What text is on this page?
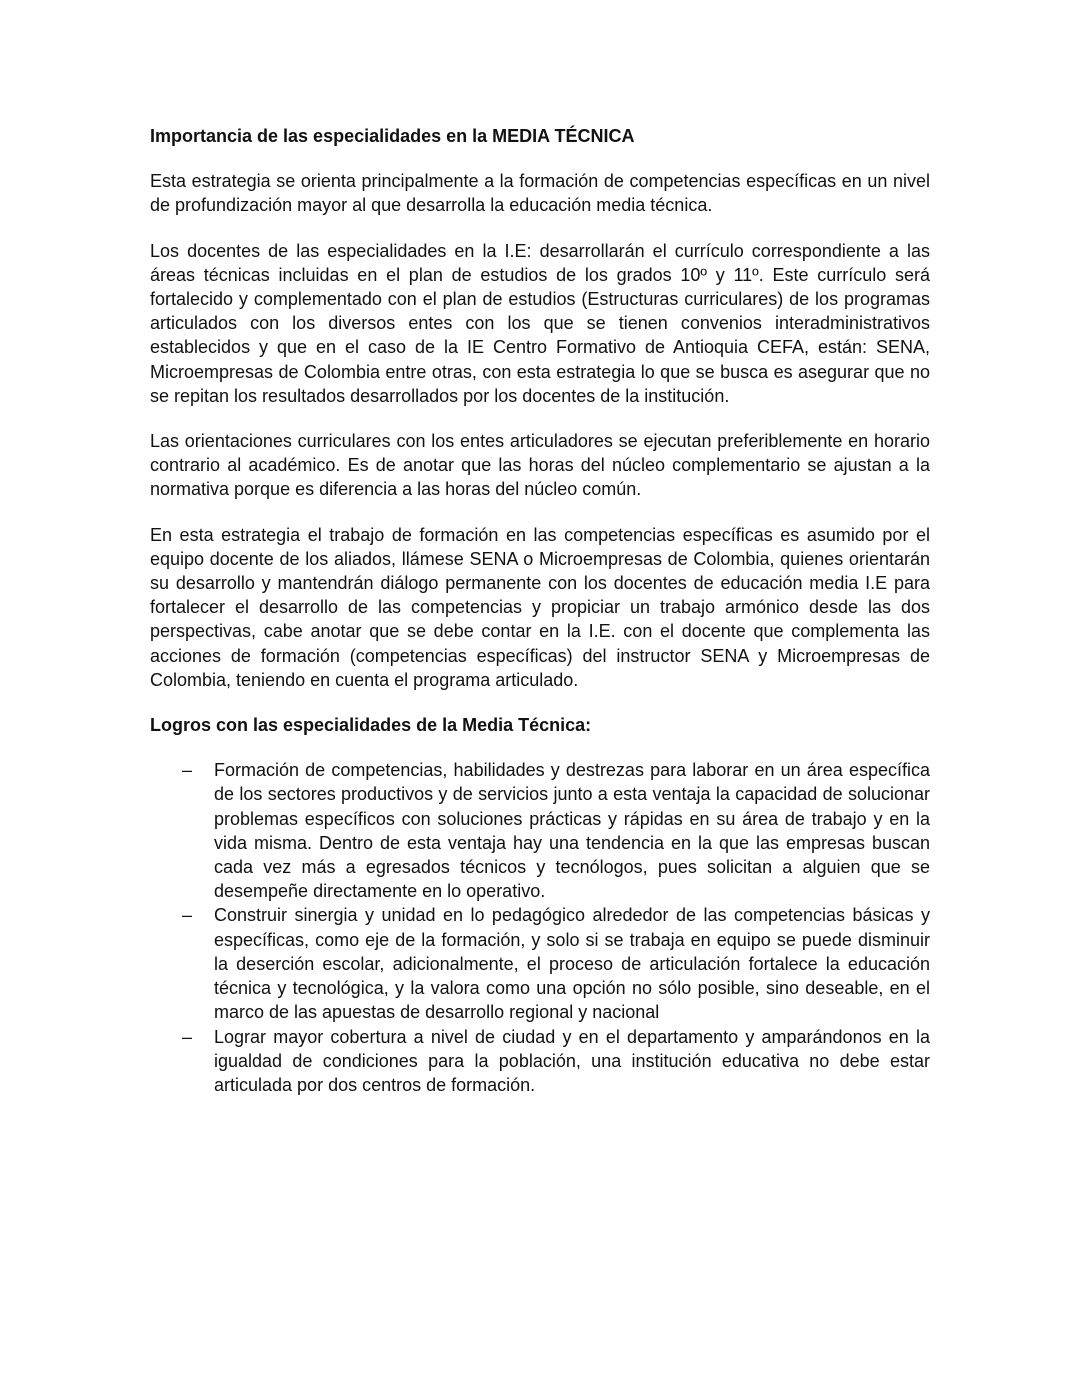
Importancia de las especialidades en la MEDIA TÉCNICA

Esta estrategia se orienta principalmente a la formación de competencias específicas en un nivel de profundización mayor al que desarrolla la educación media técnica.

Los docentes de las especialidades en la I.E: desarrollarán el currículo correspondiente a las áreas técnicas incluidas en el plan de estudios de los grados 10º y 11º. Este currículo será fortalecido y complementado con el plan de estudios (Estructuras curriculares) de los programas articulados con los diversos entes con los que se tienen convenios interadministrativos establecidos y que en el caso de la IE Centro Formativo de Antioquia CEFA, están: SENA, Microempresas de Colombia entre otras, con esta estrategia lo que se busca es asegurar que no se repitan los resultados desarrollados por los docentes de la institución.

Las orientaciones curriculares con los entes articuladores se ejecutan preferiblemente en horario contrario al académico. Es de anotar que las horas del núcleo complementario se ajustan a la normativa porque es diferencia a las horas del núcleo común.

En esta estrategia el trabajo de formación en las competencias específicas es asumido por el equipo docente de los aliados, llámese SENA o Microempresas de Colombia, quienes orientarán su desarrollo y mantendrán diálogo permanente con los docentes de educación media I.E para fortalecer el desarrollo de las competencias y propiciar un trabajo armónico desde las dos perspectivas, cabe anotar que se debe contar en la I.E. con el docente que complementa las acciones de formación (competencias específicas) del instructor SENA y Microempresas de Colombia, teniendo en cuenta el programa articulado.

Logros con las especialidades de la Media Técnica:
– Formación de competencias, habilidades y destrezas para laborar en un área específica de los sectores productivos y de servicios junto a esta ventaja la capacidad de solucionar problemas específicos con soluciones prácticas y rápidas en su área de trabajo y en la vida misma. Dentro de esta ventaja hay una tendencia en la que las empresas buscan cada vez más a egresados técnicos y tecnólogos, pues solicitan a alguien que se desempeñe directamente en lo operativo.
– Construir sinergia y unidad en lo pedagógico alrededor de las competencias básicas y específicas, como eje de la formación, y solo si se trabaja en equipo se puede disminuir la deserción escolar, adicionalmente, el proceso de articulación fortalece la educación técnica y tecnológica, y la valora como una opción no sólo posible, sino deseable, en el marco de las apuestas de desarrollo regional y nacional
– Lograr mayor cobertura a nivel de ciudad y en el departamento y amparándonos en la igualdad de condiciones para la población, una institución educativa no debe estar articulada por dos centros de formación.
